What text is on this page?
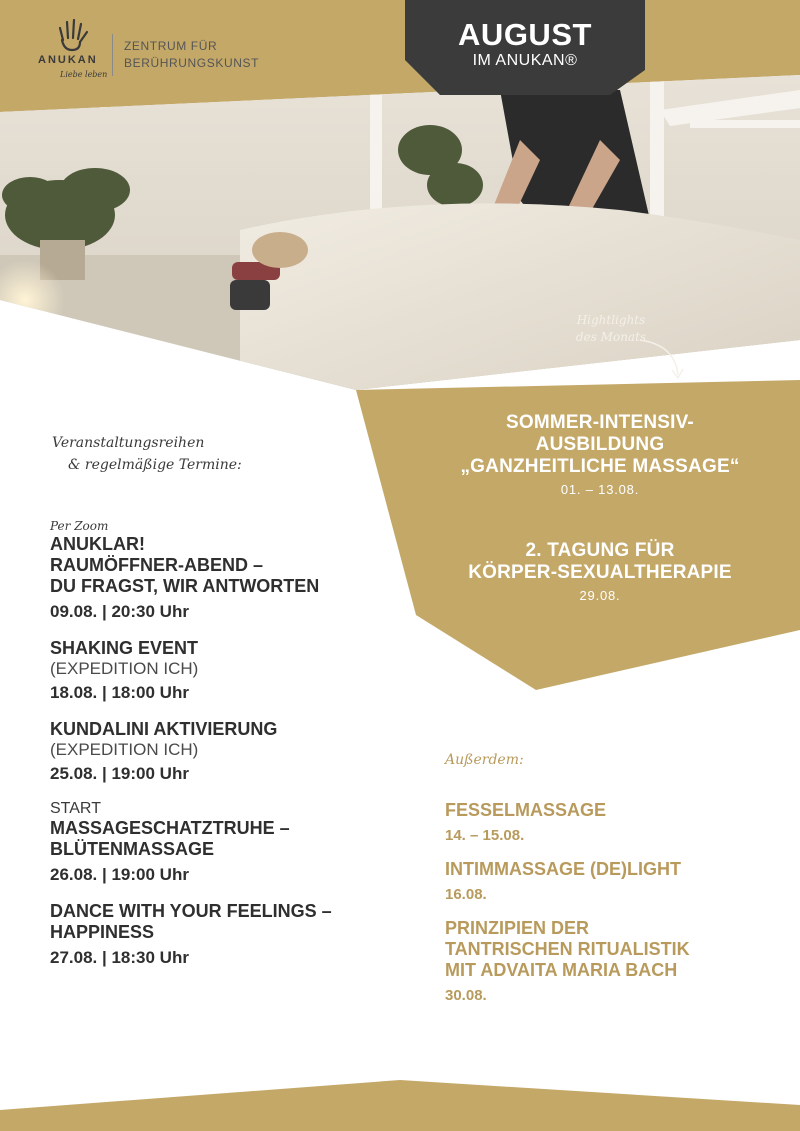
AUGUST
IM ANUKAN®
ANUKAN
Liebe leben
ZENTRUM FÜR
BERÜHRUNGSKUNST
Hightlights
des Monats
SOMMER-INTENSIV-
AUSBILDUNG
„GANZHEITLICHE MASSAGE“
01. – 13.08.
2. TAGUNG FÜR
KÖRPER-SEXUALTHERAPIE
29.08.
Veranstaltungsreihen
& regelmäßige Termine:
Per Zoom
ANUKLAR!
RAUMÖFFNER-ABEND –
DU FRAGST, WIR ANTWORTEN
09.08. | 20:30 Uhr
SHAKING EVENT
(EXPEDITION ICH)
18.08. | 18:00 Uhr
KUNDALINI AKTIVIERUNG
(EXPEDITION ICH)
25.08. | 19:00 Uhr
START
MASSAGESCHATZTRUHE –
BLÜTENMASSAGE
26.08. | 19:00 Uhr
DANCE WITH YOUR FEELINGS –
HAPPINESS
27.08. | 18:30 Uhr
Außerdem:
FESSELMASSAGE
14. – 15.08.
INTIMMASSAGE (DE)LIGHT
16.08.
PRINZIPIEN DER
TANTRISCHEN RITUALISTIK
MIT ADVAITA MARIA BACH
30.08.
